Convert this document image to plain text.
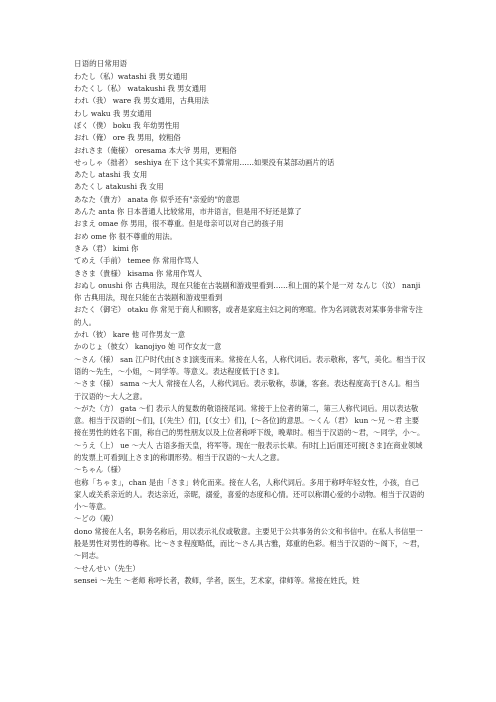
日语的日常用语
わたし（私）watashi 我 男女通用
わたくし（私） watakushi 我 男女通用
われ（我） ware 我 男女通用，古典用法
わし waku 我 男女通用
ぼく（僕） boku 我 年幼男性用
おれ（俺） ore 我 男用，较粗俗
おれさま（俺様） oresama 本大爷 男用，更粗俗
せっしゃ（拙者） seshiya 在下 这个其实不算常用……如果没有某部动画片的话
あたし atashi 我 女用
あたくし atakushi 我 女用
あなた（貴方） anata 你 似乎还有"亲爱的"的意思
あんた anta 你 日本普通人比较常用，市井语言，但是用不好还是算了
おまえ omae 你 男用，很不尊重。但是母亲可以对自己的孩子用
おめ ome 你 很不尊重的用法。
きみ（君） kimi 你
てめえ（手前） temee 你 常用作骂人
きさま（貴様） kisama 你 常用作骂人
おぬし onushi 你 古典用法，现在只能在古装剧和游戏里看到……和上面的某个是一对 なんじ（汝） nanji 你 古典用法，现在只能在古装剧和游戏里看到
おたく（御宅） otaku 你 常见于商人和顾客，或者是家庭主妇之间的寒暄。作为名词就表对某事务非常专注的人。
かれ（彼） kare 他 可作男友一意
かのじょ（彼女） kanojiyo 她 可作女友一意
～さん（様） san 江户时代由[さま]演变而来。常接在人名，人称代词后。表示敬称，客气，美化。相当于汉语的～先生，～小姐，～同学等。等意义。表达程度低于[さま]。
～さま（様） sama ～大人 常接在人名，人称代词后。表示敬称，恭谦，客套。表达程度高于[さん]。相当于汉语的～大人之意。
～がた（方） gata ～们 表示人的复数的敬语接尾词。常接于上位者的第二，第三人称代词后。用以表达敬意。相当于汉语的[～们]，[（先生）们]，[（女士）们]，[～各位]的意思。～くん（君） kun ～兄 ～君 主要接在男性的姓名下面，称自己的男性朋友以及上位者称呼下级，晚辈时。相当于汉语的～君，～同学，小～。
～うえ（上） ue ～大人 古语多指天皇，将军等。现在一般表示长辈。有时[上]后面还可接[さま]在商业领域的发票上可看到[上さま]的称谓形势。相当于汉语的～大人之意。
～ちゃん（様）
也称「ちゃま」，chan 是由「さま」转化而来。接在人名，人称代词后。多用于称呼年轻女性，小孩，自己家人或关系亲近的人。表达亲近，亲昵，溺爱，喜爱的态度和心情。还可以称谓心爱的小动物。相当于汉语的小～等意。
～どの（殿）
dono 常接在人名，职务名称后，用以表示礼仪或敬意。主要见于公共事务的公文和书信中。在私人书信里一般是男性对男性的尊称。比～さま程度略低，而比～さん具古雅，郑重的色彩。相当于汉语的～阁下，～君，～同志。
～せんせい（先生）
sensei ～先生 ～老师 称呼长者，教师，学者，医生，艺术家，律师等。常接在姓氏，姓
